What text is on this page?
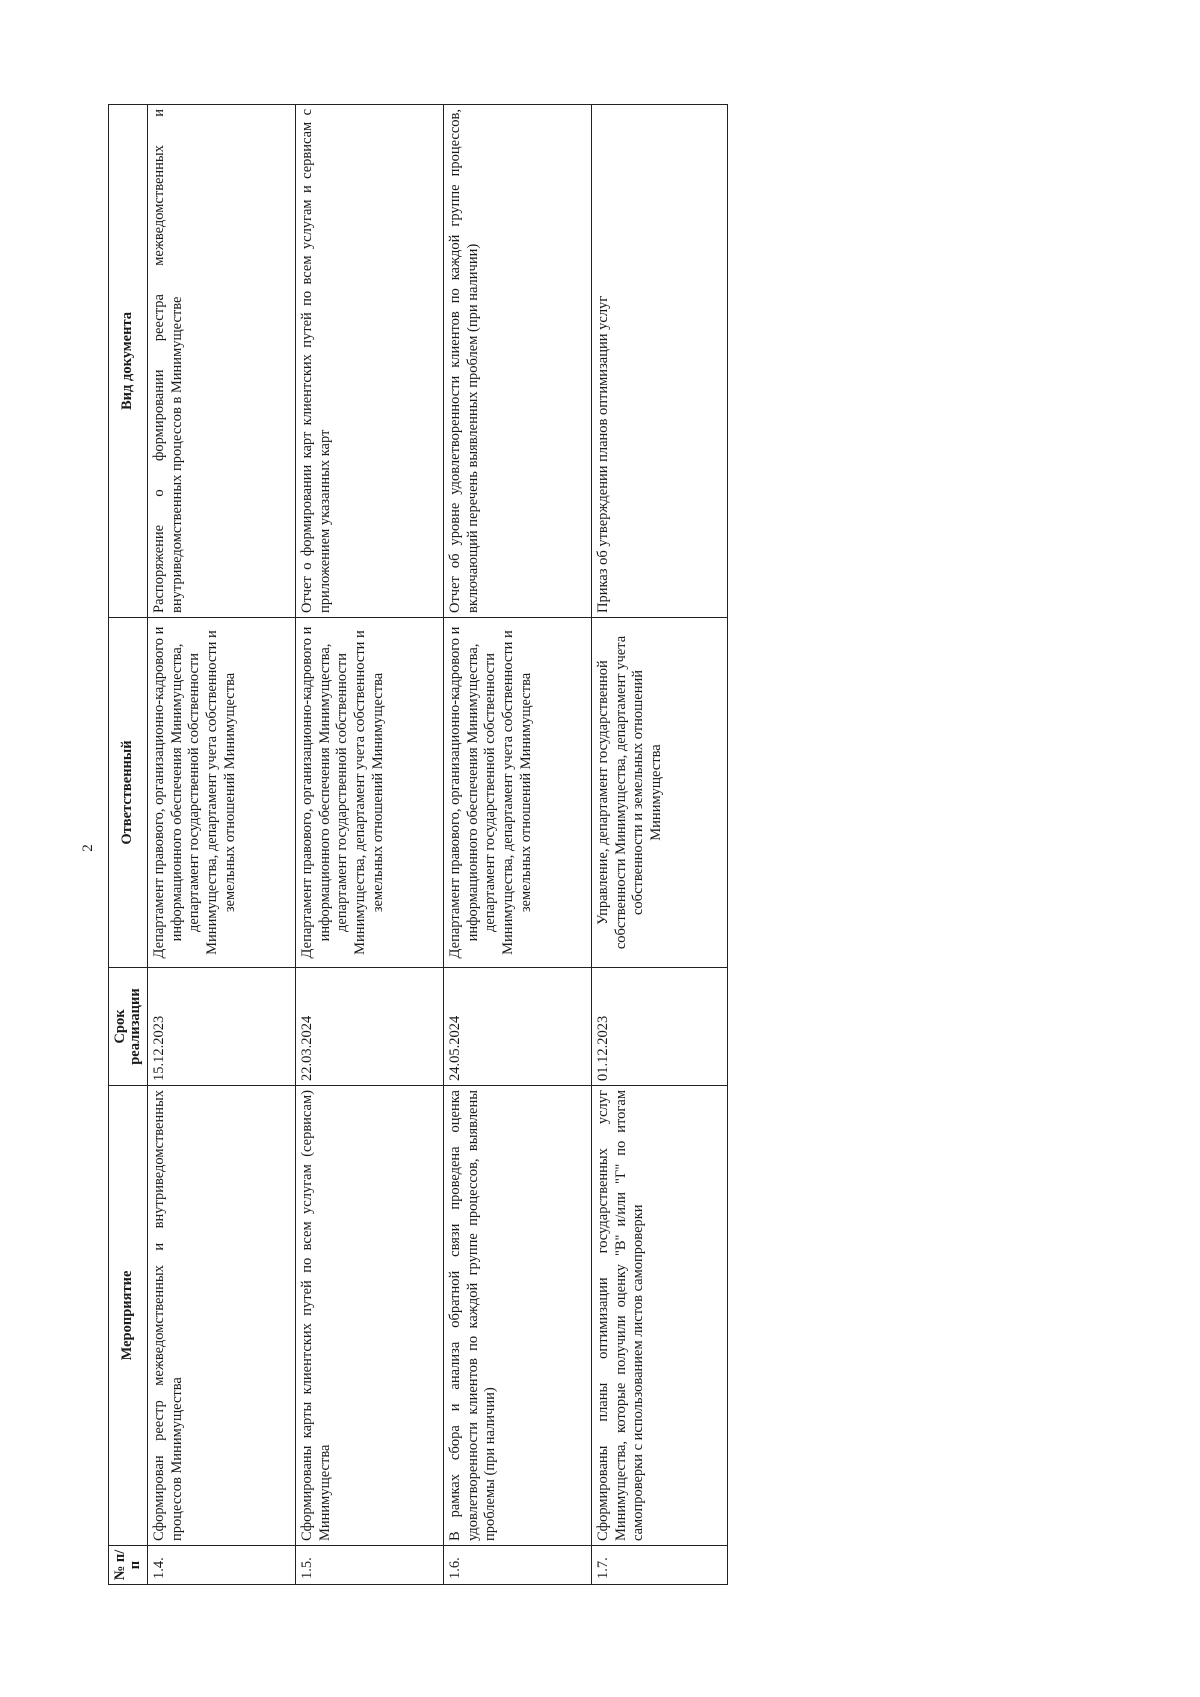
2
№ п/п	Мероприятие	Срок реализации	Ответственный	Вид документа
1.4.	Сформирован реестр межведомственных и внутриведомственных процессов Минимущества	15.12.2023	Департамент правового, организационно-кадрового и информационного обеспечения Минимущества, департамент государственной собственности Минимущества, департамент учета собственности и земельных отношений Минимущества	Распоряжение о формировании реестра межведомственных и внутриведомственных процессов в Минимуществе
1.5.	Сформированы карты клиентских путей по всем услугам (сервисам) Минимущества	22.03.2024	Департамент правового, организационно-кадрового и информационного обеспечения Минимущества, департамент государственной собственности Минимущества, департамент учета собственности и земельных отношений Минимущества	Отчет о формировании карт клиентских путей по всем услугам и сервисам с приложением указанных карт
1.6.	В рамках сбора и анализа обратной связи проведена оценка удовлетворенности клиентов по каждой группе процессов, выявлены проблемы (при наличии)	24.05.2024	Департамент правового, организационно-кадрового и информационного обеспечения Минимущества, департамент государственной собственности Минимущества, департамент учета собственности и земельных отношений Минимущества	Отчет об уровне удовлетворенности клиентов по каждой группе процессов, включающий перечень выявленных проблем (при наличии)
1.7.	Сформированы планы оптимизации государственных услуг Минимущества, которые получили оценку "В" и/или "Г" по итогам самопроверки с использованием листов самопроверки	01.12.2023	Управление, департамент государственной собственности Минимущества, департамент учета собственности и земельных отношений Минимущества	Приказ об утверждении планов оптимизации услуг
